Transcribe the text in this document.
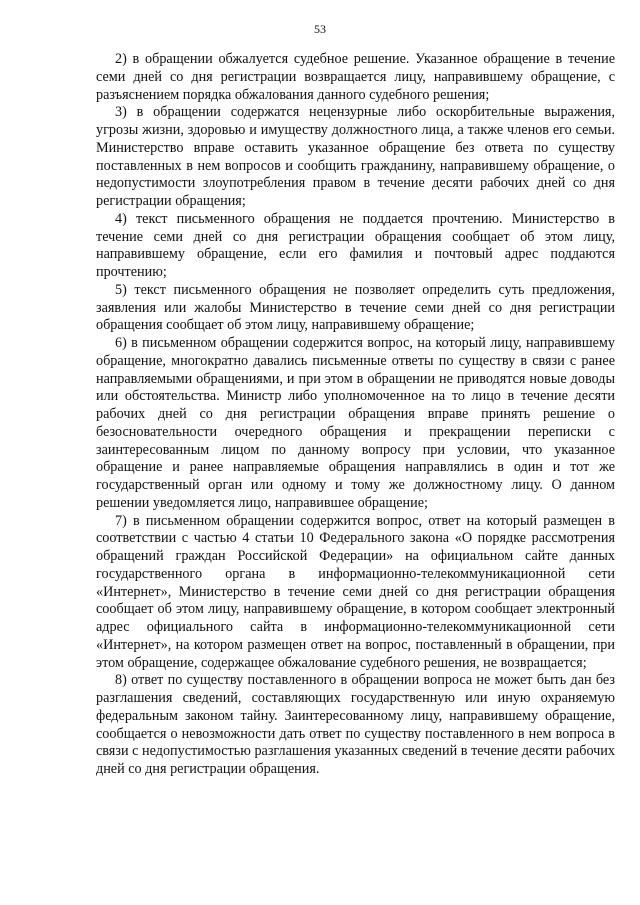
53

2) в обращении обжалуется судебное решение. Указанное обращение в течение семи дней со дня регистрации возвращается лицу, направившему обращение, с разъяснением порядка обжалования данного судебного решения;

3) в обращении содержатся нецензурные либо оскорбительные выражения, угрозы жизни, здоровью и имуществу должностного лица, а также членов его семьи. Министерство вправе оставить указанное обращение без ответа по существу поставленных в нем вопросов и сообщить гражданину, направившему обращение, о недопустимости злоупотребления правом в течение десяти рабочих дней со дня регистрации обращения;

4) текст письменного обращения не поддается прочтению. Министерство в течение семи дней со дня регистрации обращения сообщает об этом лицу, направившему обращение, если его фамилия и почтовый адрес поддаются прочтению;

5) текст письменного обращения не позволяет определить суть предложения, заявления или жалобы Министерство в течение семи дней со дня регистрации обращения сообщает об этом лицу, направившему обращение;

6) в письменном обращении содержится вопрос, на который лицу, направившему обращение, многократно давались письменные ответы по существу в связи с ранее направляемыми обращениями, и при этом в обращении не приводятся новые доводы или обстоятельства. Министр либо уполномоченное на то лицо в течение десяти рабочих дней со дня регистрации обращения вправе принять решение о безосновательности очередного обращения и прекращении переписки с заинтересованным лицом по данному вопросу при условии, что указанное обращение и ранее направляемые обращения направлялись в один и тот же государственный орган или одному и тому же должностному лицу. О данном решении уведомляется лицо, направившее обращение;

7) в письменном обращении содержится вопрос, ответ на который размещен в соответствии с частью 4 статьи 10 Федерального закона «О порядке рассмотрения обращений граждан Российской Федерации» на официальном сайте данных государственного органа в информационно-телекоммуникационной сети «Интернет», Министерство в течение семи дней со дня регистрации обращения сообщает об этом лицу, направившему обращение, в котором сообщает электронный адрес официального сайта в информационно-телекоммуникационной сети «Интернет», на котором размещен ответ на вопрос, поставленный в обращении, при этом обращение, содержащее обжалование судебного решения, не возвращается;

8) ответ по существу поставленного в обращении вопроса не может быть дан без разглашения сведений, составляющих государственную или иную охраняемую федеральным законом тайну. Заинтересованному лицу, направившему обращение, сообщается о невозможности дать ответ по существу поставленного в нем вопроса в связи с недопустимостью разглашения указанных сведений в течение десяти рабочих дней со дня регистрации обращения.
